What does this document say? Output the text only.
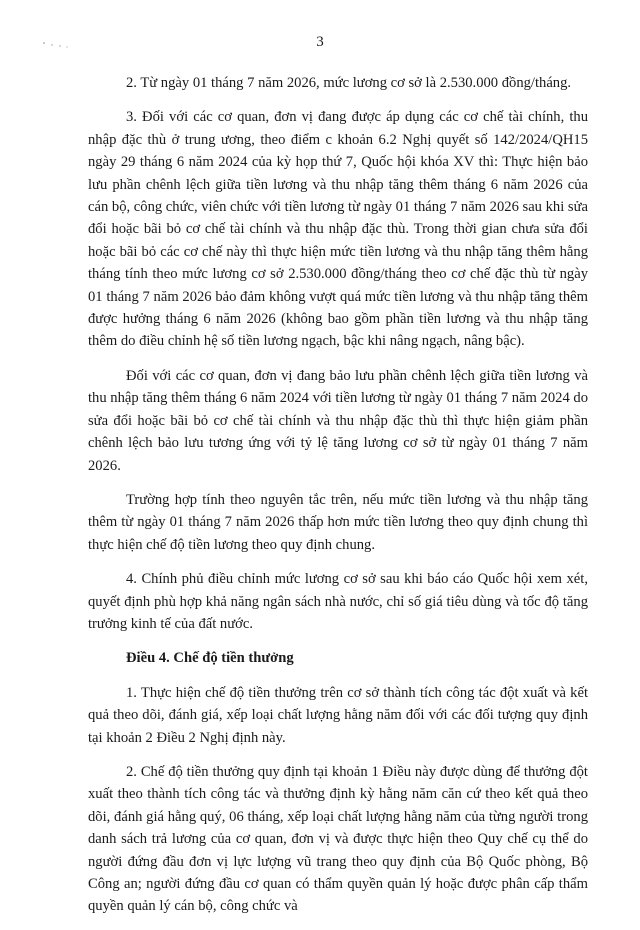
3

2. Từ ngày 01 tháng 7 năm 2026, mức lương cơ sở là 2.530.000 đồng/tháng.

3. Đối với các cơ quan, đơn vị đang được áp dụng các cơ chế tài chính, thu nhập đặc thù ở trung ương, theo điểm c khoản 6.2 Nghị quyết số 142/2024/QH15 ngày 29 tháng 6 năm 2024 của kỳ họp thứ 7, Quốc hội khóa XV thì: Thực hiện bảo lưu phần chênh lệch giữa tiền lương và thu nhập tăng thêm tháng 6 năm 2026 của cán bộ, công chức, viên chức với tiền lương từ ngày 01 tháng 7 năm 2026 sau khi sửa đổi hoặc bãi bỏ cơ chế tài chính và thu nhập đặc thù. Trong thời gian chưa sửa đổi hoặc bãi bỏ các cơ chế này thì thực hiện mức tiền lương và thu nhập tăng thêm hằng tháng tính theo mức lương cơ sở 2.530.000 đồng/tháng theo cơ chế đặc thù từ ngày 01 tháng 7 năm 2026 bảo đảm không vượt quá mức tiền lương và thu nhập tăng thêm được hưởng tháng 6 năm 2026 (không bao gồm phần tiền lương và thu nhập tăng thêm do điều chỉnh hệ số tiền lương ngạch, bậc khi nâng ngạch, nâng bậc).

Đối với các cơ quan, đơn vị đang bảo lưu phần chênh lệch giữa tiền lương và thu nhập tăng thêm tháng 6 năm 2024 với tiền lương từ ngày 01 tháng 7 năm 2024 do sửa đổi hoặc bãi bỏ cơ chế tài chính và thu nhập đặc thù thì thực hiện giảm phần chênh lệch bảo lưu tương ứng với tỷ lệ tăng lương cơ sở từ ngày 01 tháng 7 năm 2026.

Trường hợp tính theo nguyên tắc trên, nếu mức tiền lương và thu nhập tăng thêm từ ngày 01 tháng 7 năm 2026 thấp hơn mức tiền lương theo quy định chung thì thực hiện chế độ tiền lương theo quy định chung.

4. Chính phủ điều chỉnh mức lương cơ sở sau khi báo cáo Quốc hội xem xét, quyết định phù hợp khả năng ngân sách nhà nước, chỉ số giá tiêu dùng và tốc độ tăng trưởng kinh tế của đất nước.

Điều 4. Chế độ tiền thưởng

1. Thực hiện chế độ tiền thưởng trên cơ sở thành tích công tác đột xuất và kết quả theo dõi, đánh giá, xếp loại chất lượng hằng năm đối với các đối tượng quy định tại khoản 2 Điều 2 Nghị định này.

2. Chế độ tiền thưởng quy định tại khoản 1 Điều này được dùng để thưởng đột xuất theo thành tích công tác và thưởng định kỳ hằng năm căn cứ theo kết quả theo dõi, đánh giá hằng quý, 06 tháng, xếp loại chất lượng hằng năm của từng người trong danh sách trả lương của cơ quan, đơn vị và được thực hiện theo Quy chế cụ thể do người đứng đầu đơn vị lực lượng vũ trang theo quy định của Bộ Quốc phòng, Bộ Công an; người đứng đầu cơ quan có thẩm quyền quản lý hoặc được phân cấp thẩm quyền quản lý cán bộ, công chức và
